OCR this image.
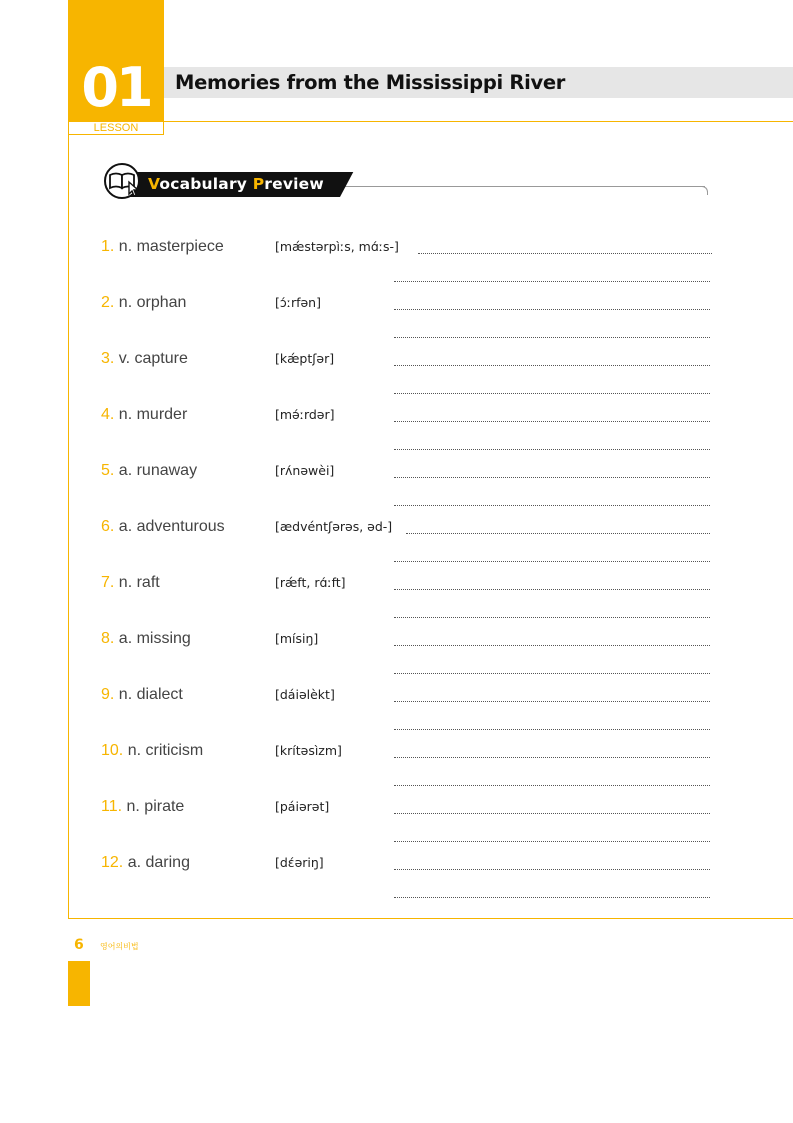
01
LESSON
Memories from the Mississippi River
Vocabulary Preview
1. n. masterpiece	[mǽstərpìːs, mɑ́ːs-]
2. n. orphan	[ɔ́ːrfən]
3. v. capture	[kǽptʃər]
4. n. murder	[mə́ːrdər]
5. a. runaway	[rʌ́nəwèi]
6. a. adventurous	[ædvéntʃərəs, əd-]
7. n. raft	[rǽft, rɑ́ːft]
8. a. missing	[mísiŋ]
9. n. dialect	[dáiəlèkt]
10. n. criticism	[krítəsìzm]
11. n. pirate	[páiərət]
12. a. daring	[dɛ́əriŋ]
6 영어의비법
